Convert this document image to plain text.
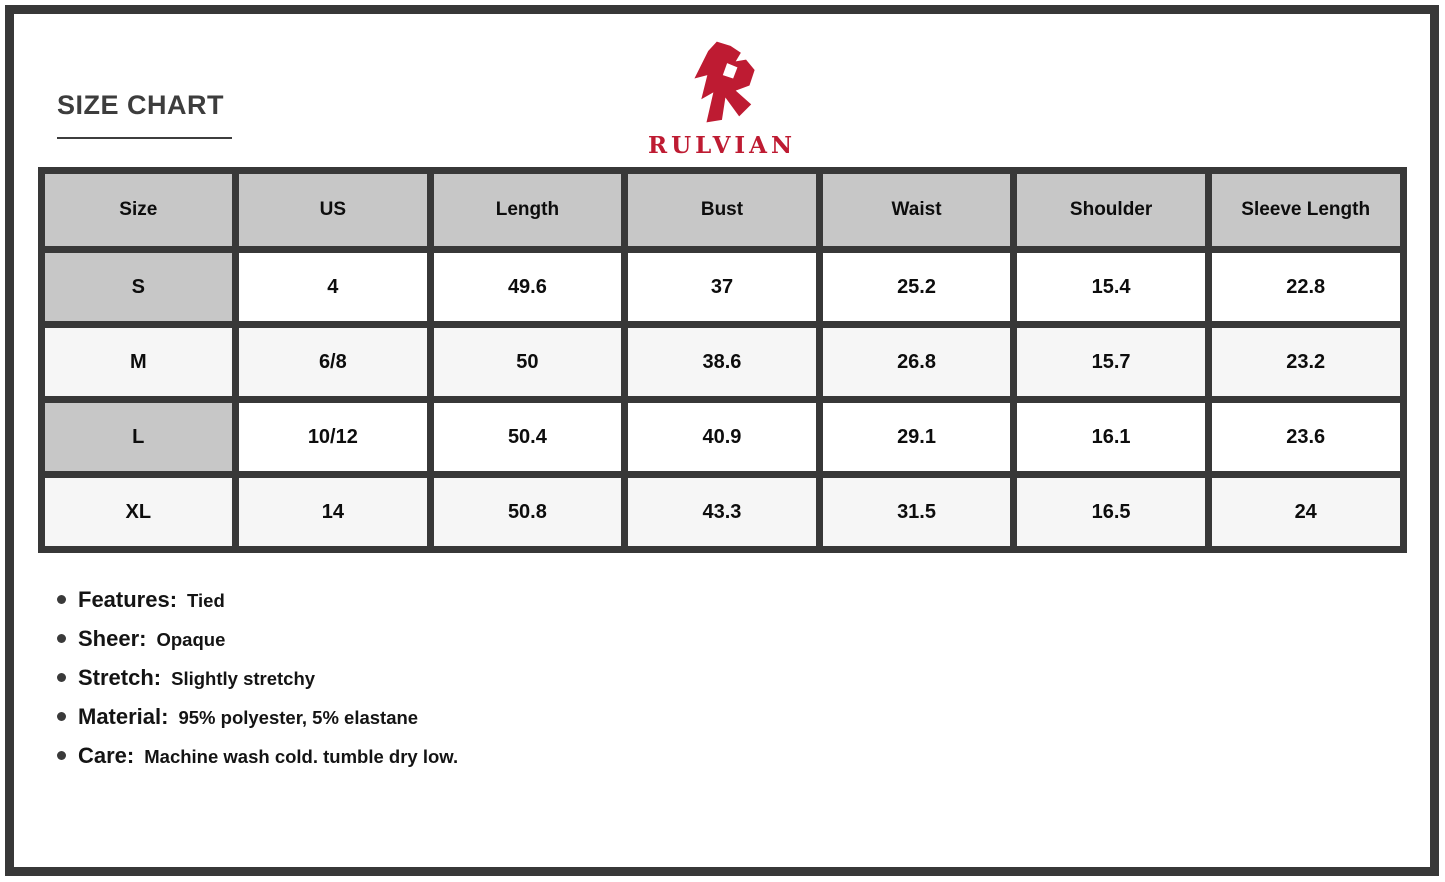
SIZE CHART
RULVIAN
Size	US	Length	Bust	Waist	Shoulder	Sleeve Length
S	4	49.6	37	25.2	15.4	22.8
M	6/8	50	38.6	26.8	15.7	23.2
L	10/12	50.4	40.9	29.1	16.1	23.6
XL	14	50.8	43.3	31.5	16.5	24
Features: Tied
Sheer: Opaque
Stretch: Slightly stretchy
Material: 95% polyester, 5% elastane
Care: Machine wash cold. tumble dry low.
